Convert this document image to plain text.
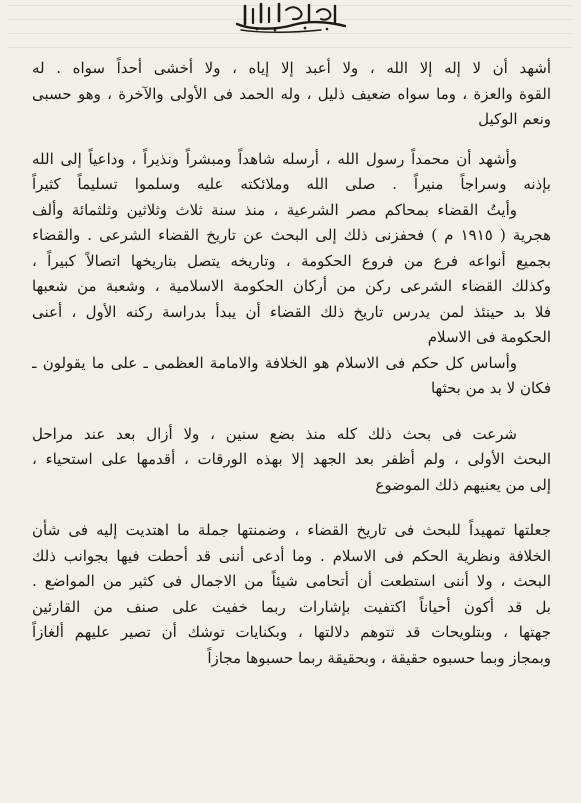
أشهد أن لا إله إلا الله ، ولا أعبد إلا إياه ، ولا أخشى أحداً سواه . له
القوة والعزة ، وما سواه ضعيف ذليل ، وله الحمد فى الأولى والآخرة ، وهو حسبى
ونعم الوكيل
وأشهد أن محمداً رسول الله ، أرسله شاهداً ومبشراً ونذيراً ، وداعياً إلى الله
بإذنه وسراجاً منيراً . صلى الله وملائكته عليه وسلموا تسليماً كثيراً
وأيتُ القضاء بمحاكم مصر الشرعية ، منذ سنة ثلاث وثلاثين وثلثمائة وألف
هجرية ( ١٩١٥ م ) فحفزنى ذلك إلى البحث عن تاريخ القضاء الشرعى . والقضاء
بجميع أنواعه فرع من فروع الحكومة ، وتاريخه يتصل بتاريخها اتصالاً كبيراً ،
وكذلك القضاء الشرعى ركن من أركان الحكومة الاسلامية ، وشعبة من شعبها
فلا بد حينئذ لمن يدرس تاريخ ذلك القضاء أن يبدأ بدراسة ركنه الأول ، أعنى
الحكومة فى الاسلام
وأساس كل حكم فى الاسلام هو الخلافة والامامة العظمى ـ على ما يقولون ـ
فكان لا بد من بحثها
شرعت فى بحث ذلك كله منذ بضع سنين ، ولا أزال بعد عند مراحل
البحث الأولى ، ولم أظفر بعد الجهد إلا بهذه الورقات ، أقدمها على استحياء ،
إلى من يعنيهم ذلك الموضوع
جعلتها تمهيداً للبحث فى تاريخ القضاء ، وضمنتها جملة ما اهتديت إليه فى شأن
الخلافة ونظرية الحكم فى الاسلام . وما أدعى أننى قد أحطت فيها بجوانب ذلك
البحث ، ولا أننى استطعت أن أتحامى شيئاً من الاجمال فى كثير من المواضع .
بل قد أكون أحياناً اكتفيت بإشارات ربما خفيت على صنف من القارئين
جهتها ، وبتلويحات قد تتوهم دلالتها ، وبكنايات توشك أن تصير عليهم ألغازاً
وبمجاز وبما حسبوه حقيقة ، وبحقيقة ربما حسبوها مجازاً
